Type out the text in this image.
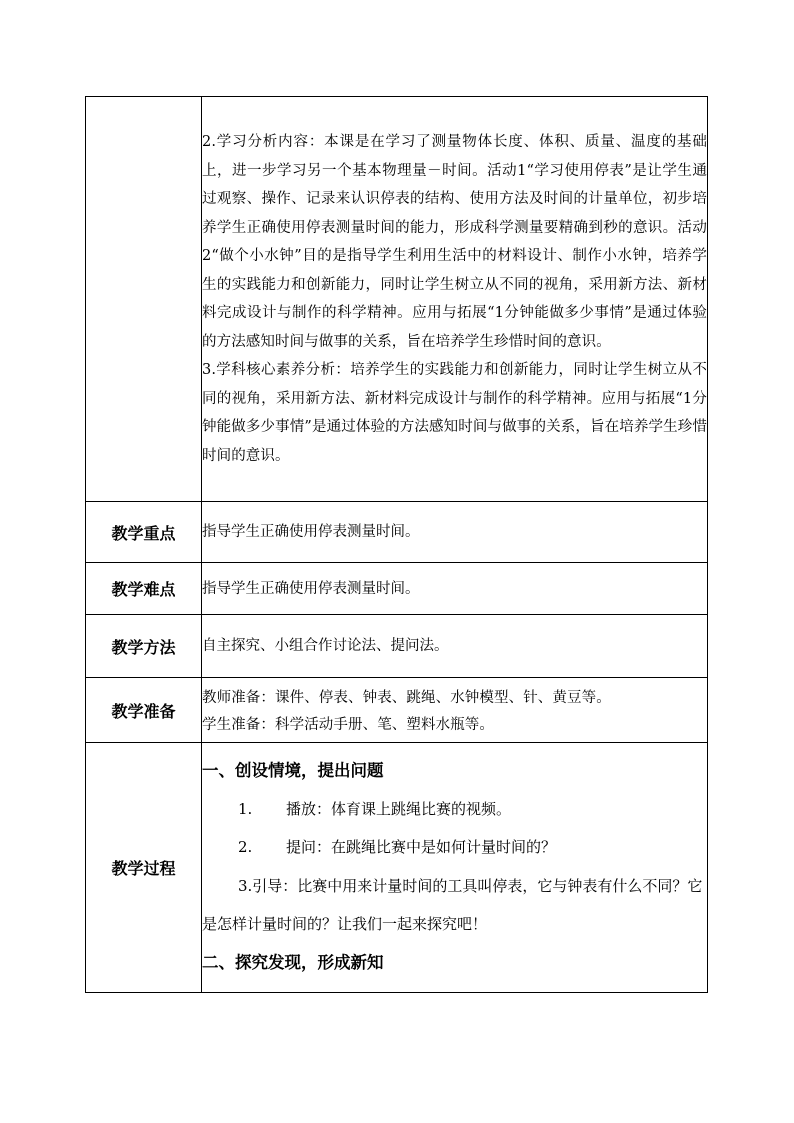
	2.学习分析内容：本课是在学习了测量物体长度、体积、质量、温度的基础上，进一步学习另一个基本物理量－时间。活动1“学习使用停表”是让学生通过观察、操作、记录来认识停表的结构、使用方法及时间的计量单位，初步培养学生正确使用停表测量时间的能力，形成科学测量要精确到秒的意识。活动2“做个小水钟”目的是指导学生利用生活中的材料设计、制作小水钟，培养学生的实践能力和创新能力，同时让学生树立从不同的视角，采用新方法、新材料完成设计与制作的科学精神。应用与拓展“1分钟能做多少事情”是通过体验的方法感知时间与做事的关系，旨在培养学生珍惜时间的意识。
3.学科核心素养分析：培养学生的实践能力和创新能力，同时让学生树立从不同的视角，采用新方法、新材料完成设计与制作的科学精神。应用与拓展“1分钟能做多少事情”是通过体验的方法感知时间与做事的关系，旨在培养学生珍惜时间的意识。

教学重点	指导学生正确使用停表测量时间。
教学难点	指导学生正确使用停表测量时间。
教学方法	自主探究、小组合作讨论法、提问法。
教学准备	教师准备：课件、停表、钟表、跳绳、水钟模型、针、黄豆等。
学生准备：科学活动手册、笔、塑料水瓶等。

教学过程	一、创设情境，提出问题
1. 播放：体育课上跳绳比赛的视频。
2. 提问：在跳绳比赛中是如何计量时间的？
3.引导：比赛中用来计量时间的工具叫停表，它与钟表有什么不同？它是怎样计量时间的？让我们一起来探究吧！
二、探究发现，形成新知
